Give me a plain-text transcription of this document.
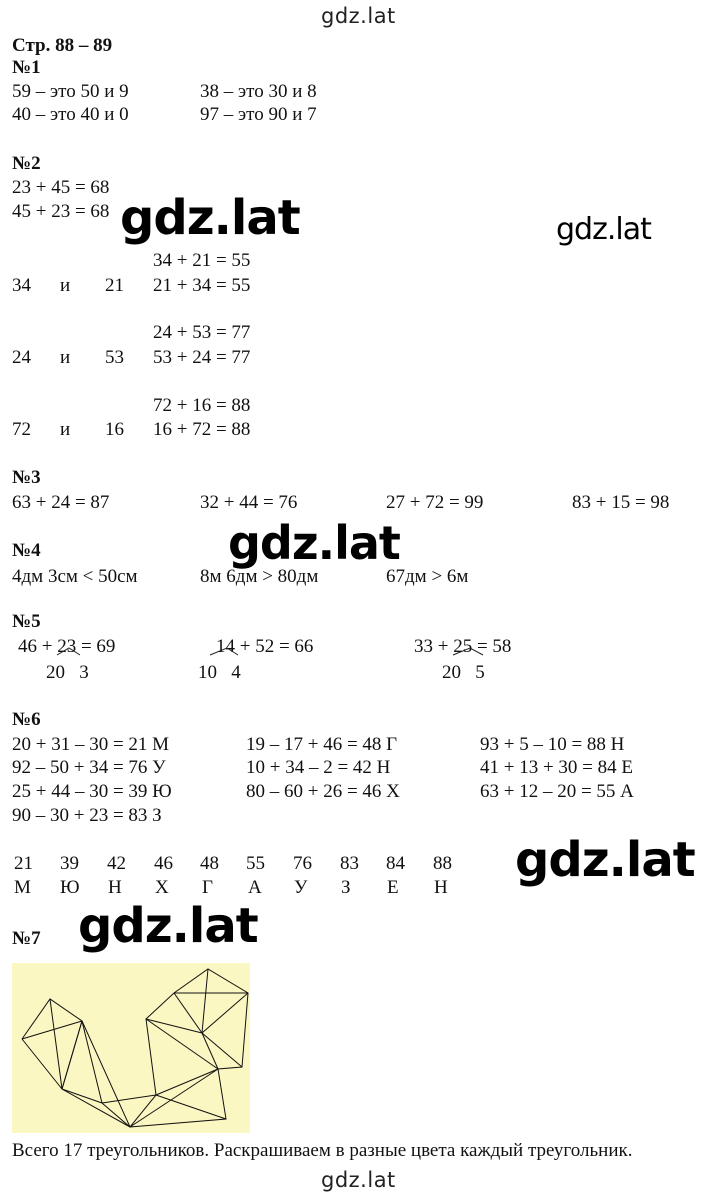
gdz.lat
Стр. 88 – 89
№1
59 – это 50 и 9	38 – это 30 и 8
40 – это 40 и 0	97 – это 90 и 7
№2
23 + 45 = 68
45 + 23 = 68
34 + 21 = 55
34 и 21 21 + 34 = 55
24 + 53 = 77
24 и 53 53 + 24 = 77
72 + 16 = 88
72 и 16 16 + 72 = 88
№3
63 + 24 = 87	32 + 44 = 76	27 + 72 = 99	83 + 15 = 98
№4
4дм 3см < 50см	8м 6дм > 80дм	67дм > 6м
№5
46 + 23 = 69
20   3
14 + 52 = 66
10   4
33 + 25 = 58
20   5
№6
20 + 31 – 30 = 21 М	19 – 17 + 46 = 48 Г	93 + 5 – 10 = 88 Н
92 – 50 + 34 = 76 У	10 + 34 – 2 = 42 Н	41 + 13 + 30 = 84 Е
25 + 44 – 30 = 39 Ю	80 – 60 + 26 = 46 Х	63 + 12 – 20 = 55 А
90 – 30 + 23 = 83 З
21 39 42 46 48 55 76 83 84 88
М Ю Н Х Г А У З Е Н
№7
Всего 17 треугольников. Раскрашиваем в разные цвета каждый треугольник.
gdz.lat	gdz.lat
gdz.lat
gdz.lat
gdz.lat
gdz.lat
